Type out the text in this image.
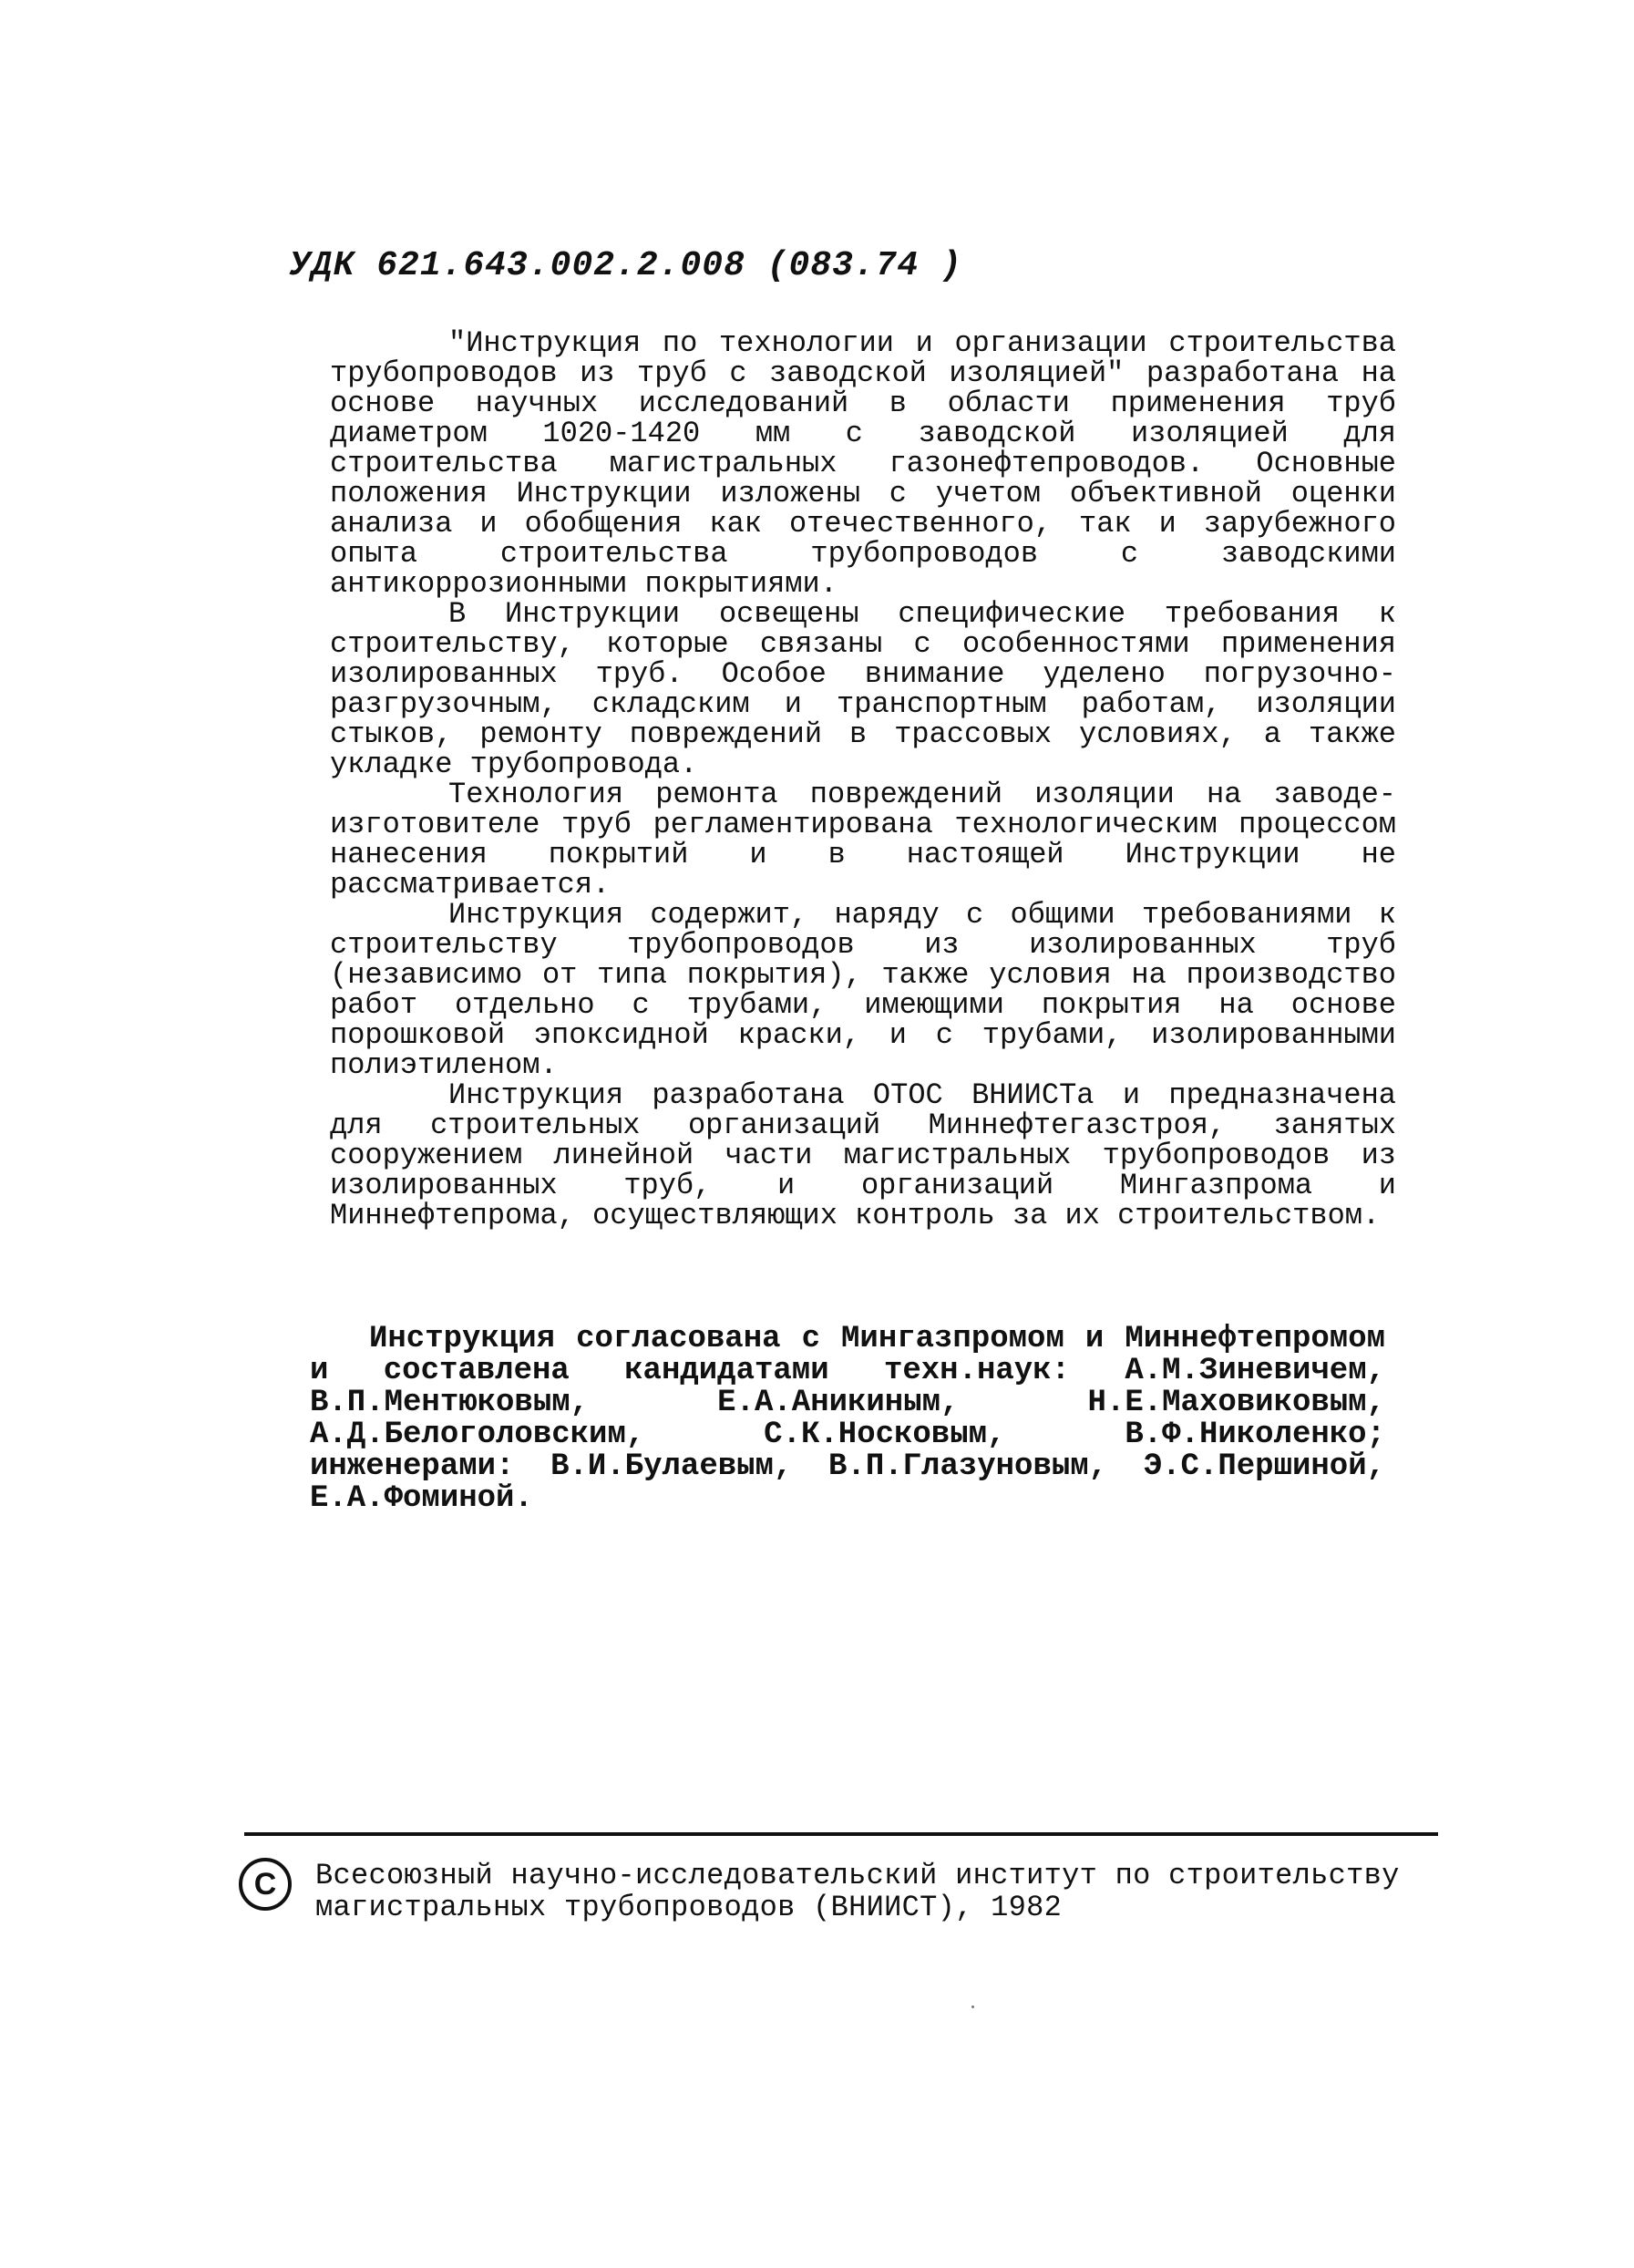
УДК 621.643.002.2.008 (083.74 )

"Инструкция по технологии и организации строительства трубопроводов из труб с заводской изоляцией" разработана на основе научных исследований в области применения труб диаметром 1020-1420 мм с заводской изоляцией для строительства магистральных газонефтепроводов. Основные положения Инструкции изложены с учетом объективной оценки анализа и обобщения как отечественного, так и зарубежного опыта строительства трубопроводов с заводскими антикоррозионными покрытиями.

В Инструкции освещены специфические требования к строительству, которые связаны с особенностями применения изолированных труб. Особое внимание уделено погрузочно-разгрузочным, складским и транспортным работам, изоляции стыков, ремонту повреждений в трассовых условиях, а также укладке трубопровода.

Технология ремонта повреждений изоляции на заводе-изготовителе труб регламентирована технологическим процессом нанесения покрытий и в настоящей Инструкции не рассматривается.

Инструкция содержит, наряду с общими требованиями к строительству трубопроводов из изолированных труб (независимо от типа покрытия), также условия на производство работ отдельно с трубами, имеющими покрытия на основе порошковой эпоксидной краски, и с трубами, изолированными полиэтиленом.

Инструкция разработана ОТОС ВНИИСТа и предназначена для строительных организаций Миннефтегазстроя, занятых сооружением линейной части магистральных трубопроводов из изолированных труб, и организаций Мингазпрома и Миннефтепрома, осуществляющих контроль за их строительством.

Инструкция согласована с Мингазпромом и Миннефтепромом и составлена кандидатами техн.наук: А.М.Зиневичем, В.П.Ментюковым, Е.А.Аникиным, Н.Е.Маховиковым, А.Д.Белоголовским, С.К.Носковым, В.Ф.Николенко; инженерами: В.И.Булаевым, В.П.Глазуновым, Э.С.Першиной, Е.А.Фоминой.

C	Всесоюзный научно-исследовательский институт по строительству магистральных трубопроводов (ВНИИСТ), 1982
